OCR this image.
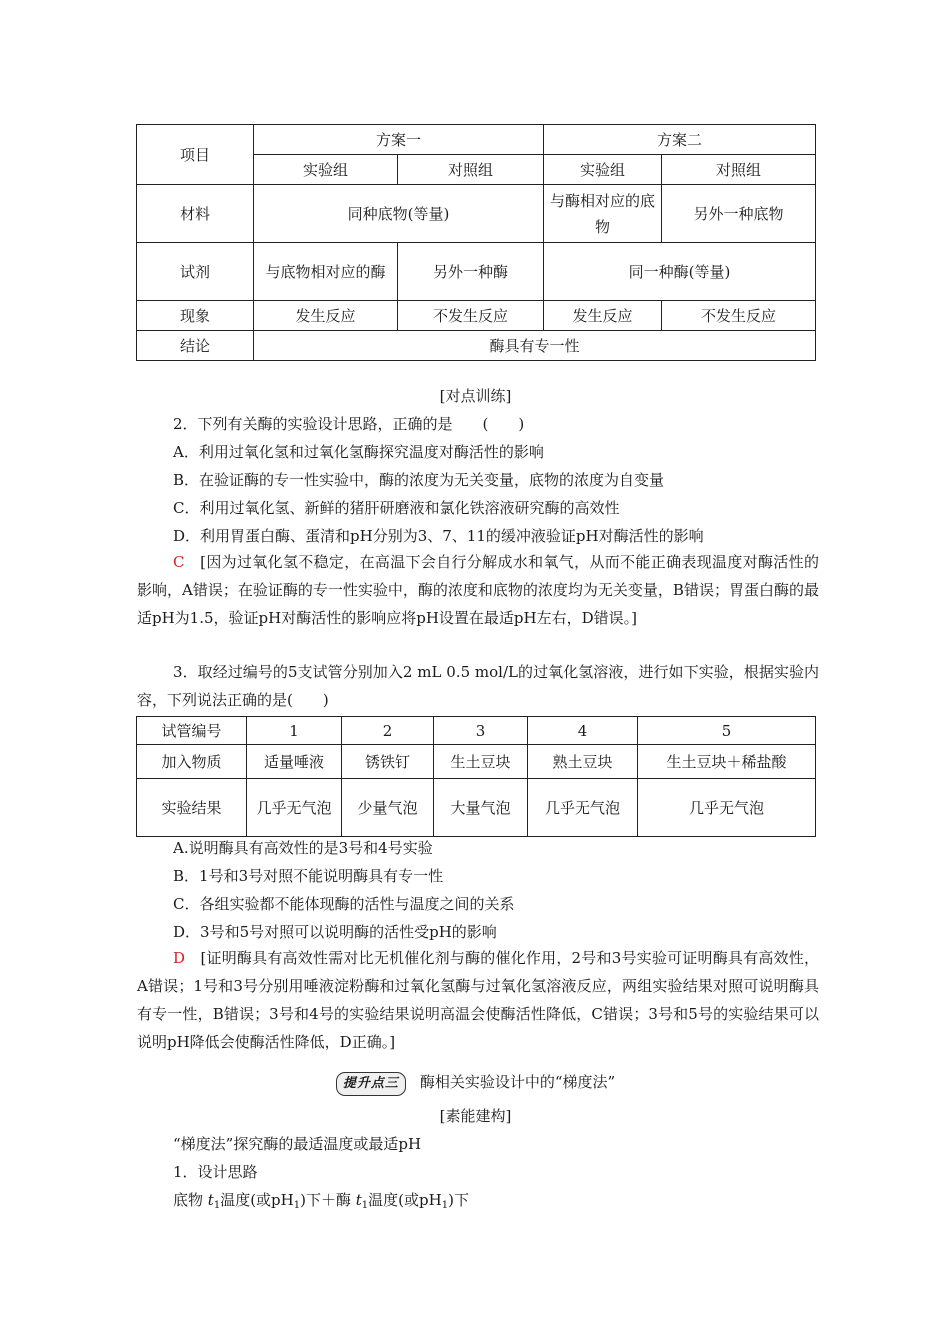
项目	方案一		方案二	
	实验组	对照组	实验组	对照组
材料	同种底物(等量)		与酶相对应的底物	另外一种底物
试剂	与底物相对应的酶	另外一种酶	同一种酶(等量)	
现象	发生反应	不发生反应	发生反应	不发生反应
结论	酶具有专一性			
[对点训练]
2．下列有关酶的实验设计思路，正确的是　　(　　)
A．利用过氧化氢和过氧化氢酶探究温度对酶活性的影响
B．在验证酶的专一性实验中，酶的浓度为无关变量，底物的浓度为自变量
C．利用过氧化氢、新鲜的猪肝研磨液和氯化铁溶液研究酶的高效性
D．利用胃蛋白酶、蛋清和pH分别为3、7、11的缓冲液验证pH对酶活性的影响
C　 [因为过氧化氢不稳定，在高温下会自行分解成水和氧气，从而不能正确表现温度对酶活性的影响，A错误；在验证酶的专一性实验中，酶的浓度和底物的浓度均为无关变量，B错误；胃蛋白酶的最适pH为1.5，验证pH对酶活性的影响应将pH设置在最适pH左右，D错误。]
3．取经过编号的5支试管分别加入2 mL 0.5 mol/L的过氧化氢溶液，进行如下实验，根据实验内容，下列说法正确的是(　　)
试管编号	1	2	3	4	5
加入物质	适量唾液	锈铁钉	生土豆块	熟土豆块	生土豆块＋稀盐酸
实验结果	几乎无气泡	少量气泡	大量气泡	几乎无气泡	几乎无气泡
A.说明酶具有高效性的是3号和4号实验
B．1号和3号对照不能说明酶具有专一性
C．各组实验都不能体现酶的活性与温度之间的关系
D．3号和5号对照可以说明酶的活性受pH的影响
D　 [证明酶具有高效性需对比无机催化剂与酶的催化作用，2号和3号实验可证明酶具有高效性，A错误；1号和3号分别用唾液淀粉酶和过氧化氢酶与过氧化氢溶液反应，两组实验结果对照可说明酶具有专一性，B错误；3号和4号的实验结果说明高温会使酶活性降低，C错误；3号和5号的实验结果可以说明pH降低会使酶活性降低，D正确。]
提升点三 酶相关实验设计中的“梯度法”
[素能建构]
“梯度法”探究酶的最适温度或最适pH
1．设计思路
底物 $t_1$温度(或$pH_1$)下＋酶 $t_1$温度(或$pH_1$)下
